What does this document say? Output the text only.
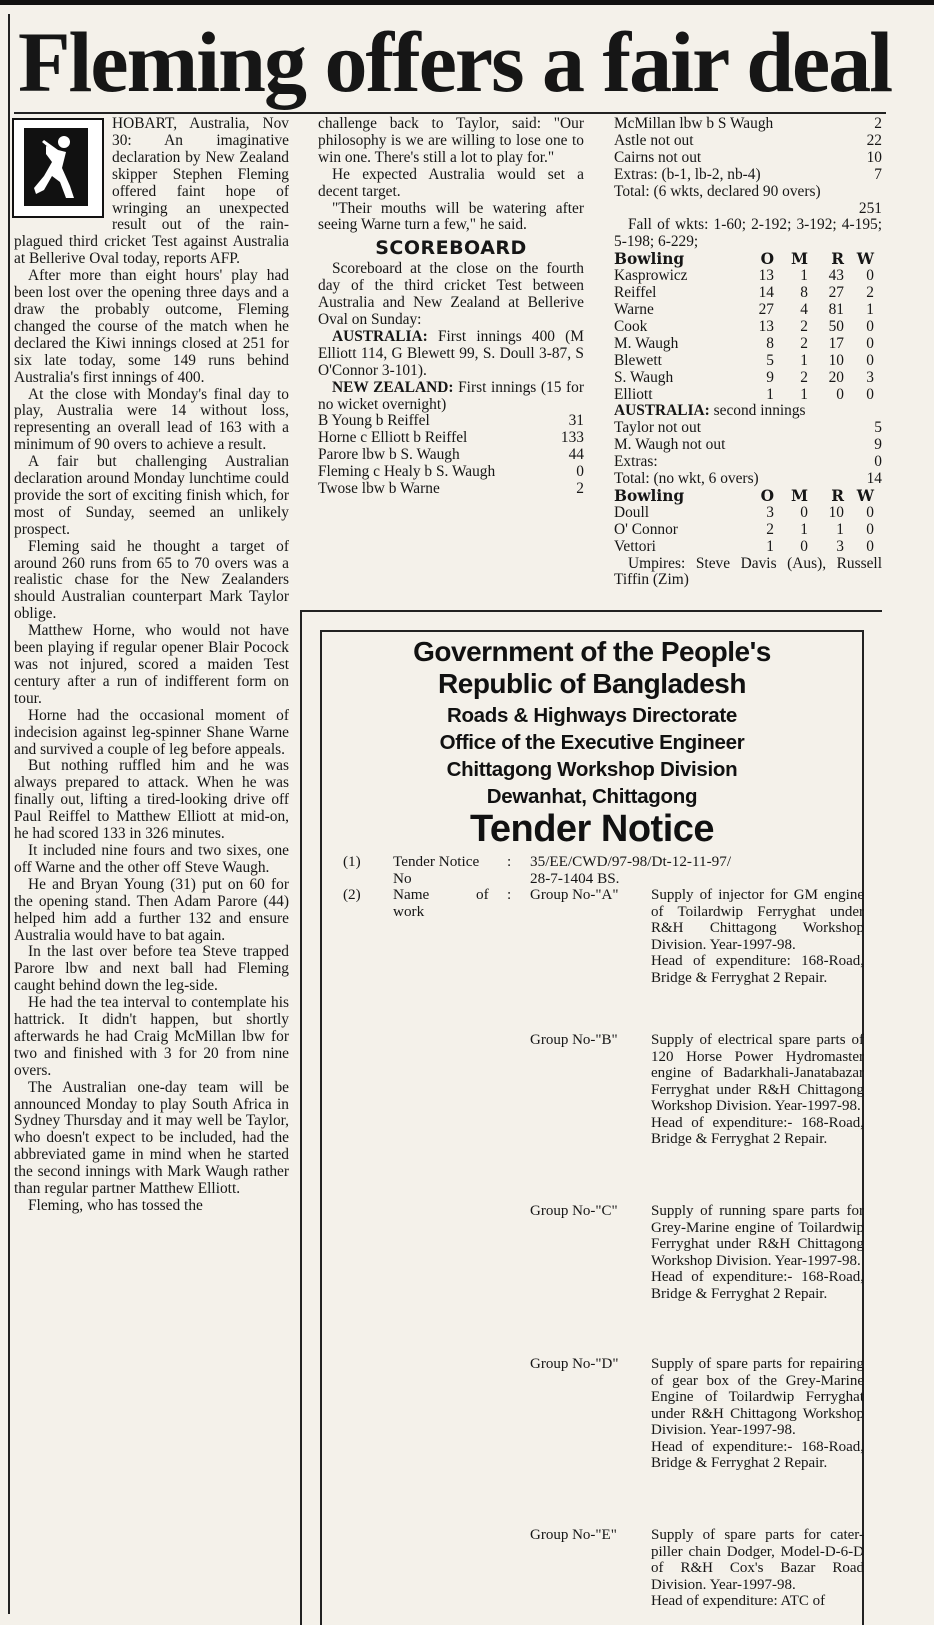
Fleming offers a fair deal

HOBART, Australia, Nov 30: An imaginative declaration by New Zealand skipper Stephen Fleming offered faint hope of wringing an unexpected result out of the rain-plagued third cricket Test against Australia at Bellerive Oval today, reports AFP.

After more than eight hours' play had been lost over the opening three days and a draw the probably outcome, Fleming changed the course of the match when he declared the Kiwi innings closed at 251 for six late today, some 149 runs behind Australia's first innings of 400.

At the close with Monday's final day to play, Australia were 14 without loss, representing an overall lead of 163 with a minimum of 90 overs to achieve a result.

A fair but challenging Australian declaration around Monday lunchtime could provide the sort of exciting finish which, for most of Sunday, seemed an unlikely prospect.

Fleming said he thought a target of around 260 runs from 65 to 70 overs was a realistic chase for the New Zealanders should Australian counterpart Mark Taylor oblige.

Matthew Horne, who would not have been playing if regular opener Blair Pocock was not injured, scored a maiden Test century after a run of indifferent form on tour.

Horne had the occasional moment of indecision against leg-spinner Shane Warne and survived a couple of leg before appeals.

But nothing ruffled him and he was always prepared to attack. When he was finally out, lifting a tired-looking drive off Paul Reiffel to Matthew Elliott at mid-on, he had scored 133 in 326 minutes.

It included nine fours and two sixes, one off Warne and the other off Steve Waugh.

He and Bryan Young (31) put on 60 for the opening stand. Then Adam Parore (44) helped him add a further 132 and ensure Australia would have to bat again.

In the last over before tea Steve trapped Parore lbw and next ball had Fleming caught behind down the leg-side.

He had the tea interval to contemplate his hattrick. It didn't happen, but shortly afterwards he had Craig McMillan lbw for two and finished with 3 for 20 from nine overs.

The Australian one-day team will be announced Monday to play South Africa in Sydney Thursday and it may well be Taylor, who doesn't expect to be included, had the abbreviated game in mind when he started the second innings with Mark Waugh rather than regular partner Matthew Elliott.

Fleming, who has tossed the

challenge back to Taylor, said: "Our philosophy is we are willing to lose one to win one. There's still a lot to play for."

He expected Australia would set a decent target.

"Their mouths will be watering after seeing Warne turn a few," he said.

SCOREBOARD

Scoreboard at the close on the fourth day of the third cricket Test between Australia and New Zealand at Bellerive Oval on Sunday:

AUSTRALIA: First innings 400 (M Elliott 114, G Blewett 99, S. Doull 3-87, S O'Connor 3-101).

NEW ZEALAND: First innings (15 for no wicket overnight)

B Young b Reiffel	31
Horne c Elliott b Reiffel	133
Parore lbw b S. Waugh	44
Fleming c Healy b S. Waugh	0
Twose lbw b Warne	2
McMillan lbw b S Waugh	2
Astle not out	22
Cairns not out	10
Extras: (b-1, lb-2, nb-4)	7
Total: (6 wkts, declared 90 overs)
251

Fall of wkts: 1-60; 2-192; 3-192; 4-195; 5-198; 6-229;

Bowling	O	M	R W
Kasprowicz	13	1	43	0
Reiffel	14	8	27	2
Warne	27	4	81	1
Cook	13	2	50	0
M. Waugh	8	2	17	0
Blewett	5	1	10	0
S. Waugh	9	2	20	3
Elliott	1	1	0	0

AUSTRALIA: second innings

Taylor not out	5
M. Waugh not out	9
Extras:	0
Total: (no wkt, 6 overs)	14
Bowling	O	M	R W
Doull	3	0	10	0
O' Connor	2	1	1	0
Vettori	1	0	3	0

Umpires: Steve Davis (Aus), Russell Tiffin (Zim)

Government of the People's
Republic of Bangladesh
Roads & Highways Directorate
Office of the Executive Engineer
Chittagong Workshop Division
Dewanhat, Chittagong
Tender Notice
(1) Tender Notice No
: 35/EE/CWD/97-98/Dt-12-11-97/
28-7-1404 BS.
(2) Name	of
work
: Group No-"A" Supply of injector for GM engine of Toilardwip Ferryghat under R&H Chittagong Workshop Division. Year-1997-98.

Head of expenditure: 168-Road, Bridge & Ferryghat 2 Repair.

Group No-"B" Supply of electrical spare parts of 120 Horse Power Hydromaster engine of Badarkhali-Janatabazar Ferryghat under R&H Chittagong Workshop Division. Year-1997-98.

Head of expenditure:- 168-Road, Bridge & Ferryghat 2 Repair.

Group No-"C" Supply of running spare parts for Grey-Marine engine of Toilardwip Ferryghat under R&H Chittagong Workshop Division. Year-1997-98.

Head of expenditure:- 168-Road, Bridge & Ferryghat 2 Repair.

Group No-"D" Supply of spare parts for repairing of gear box of the Grey-Marine Engine of Toilardwip Ferryghat under R&H Chittagong Workshop Division. Year-1997-98.

Head of expenditure:- 168-Road, Bridge & Ferryghat 2 Repair.

Group No-"E" Supply of spare parts for cater-piller chain Dodger, Model-D-6-D of R&H Cox's Bazar Road Division. Year-1997-98.

Head of expenditure: ATC of
